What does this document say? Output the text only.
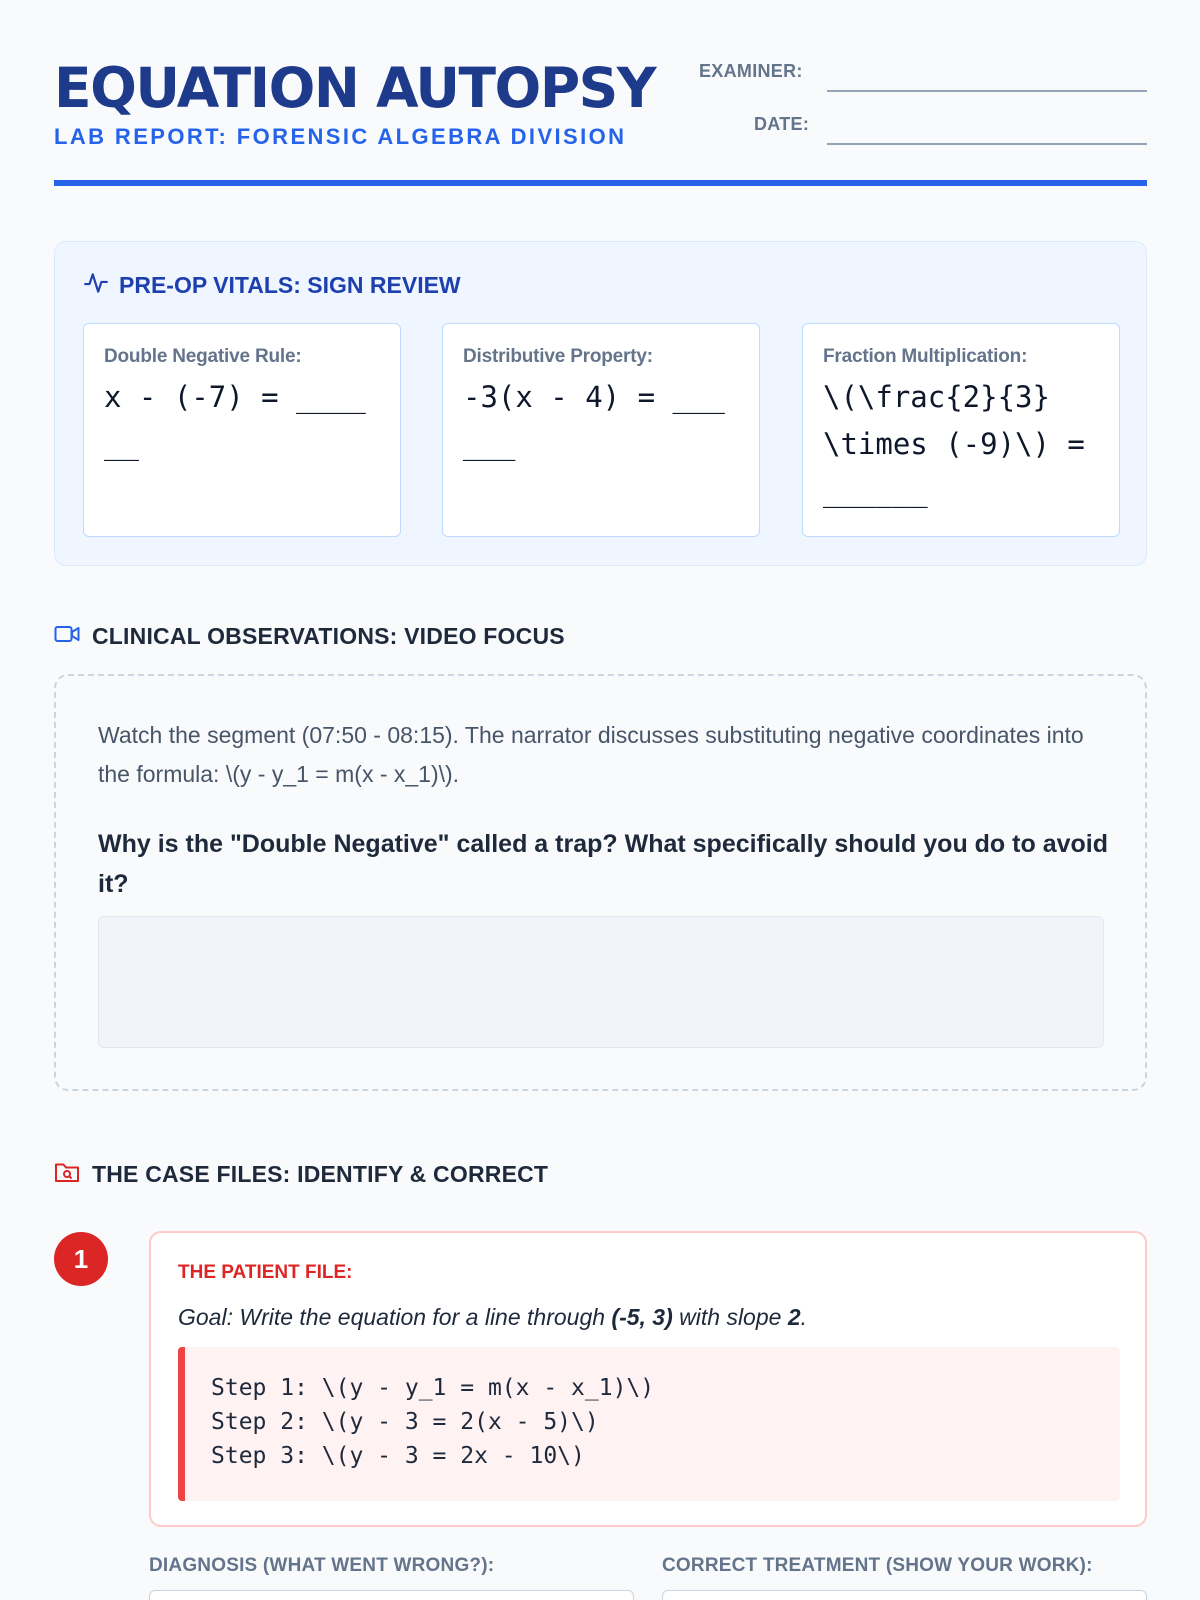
EQUATION AUTOPSY
LAB REPORT: FORENSIC ALGEBRA DIVISION
EXAMINER:
DATE:
PRE-OP VITALS: SIGN REVIEW
Double Negative Rule:
x - (-7) = ______
Distributive Property:
-3(x - 4) = ______
Fraction Multiplication:
\(\frac{2}{3} \times (-9)\) = ______
CLINICAL OBSERVATIONS: VIDEO FOCUS
Watch the segment (07:50 - 08:15). The narrator discusses substituting negative coordinates into the formula: \(y - y_1 = m(x - x_1)\).
Why is the "Double Negative" called a trap? What specifically should you do to avoid it?
THE CASE FILES: IDENTIFY & CORRECT
1	THE PATIENT FILE:
Goal: Write the equation for a line through (-5, 3) with slope 2.
Step 1: \(y - y_1 = m(x - x_1)\)
Step 2: \(y - 3 = 2(x - 5)\)
Step 3: \(y - 3 = 2x - 10\)
DIAGNOSIS (WHAT WENT WRONG?):	CORRECT TREATMENT (SHOW YOUR WORK):
